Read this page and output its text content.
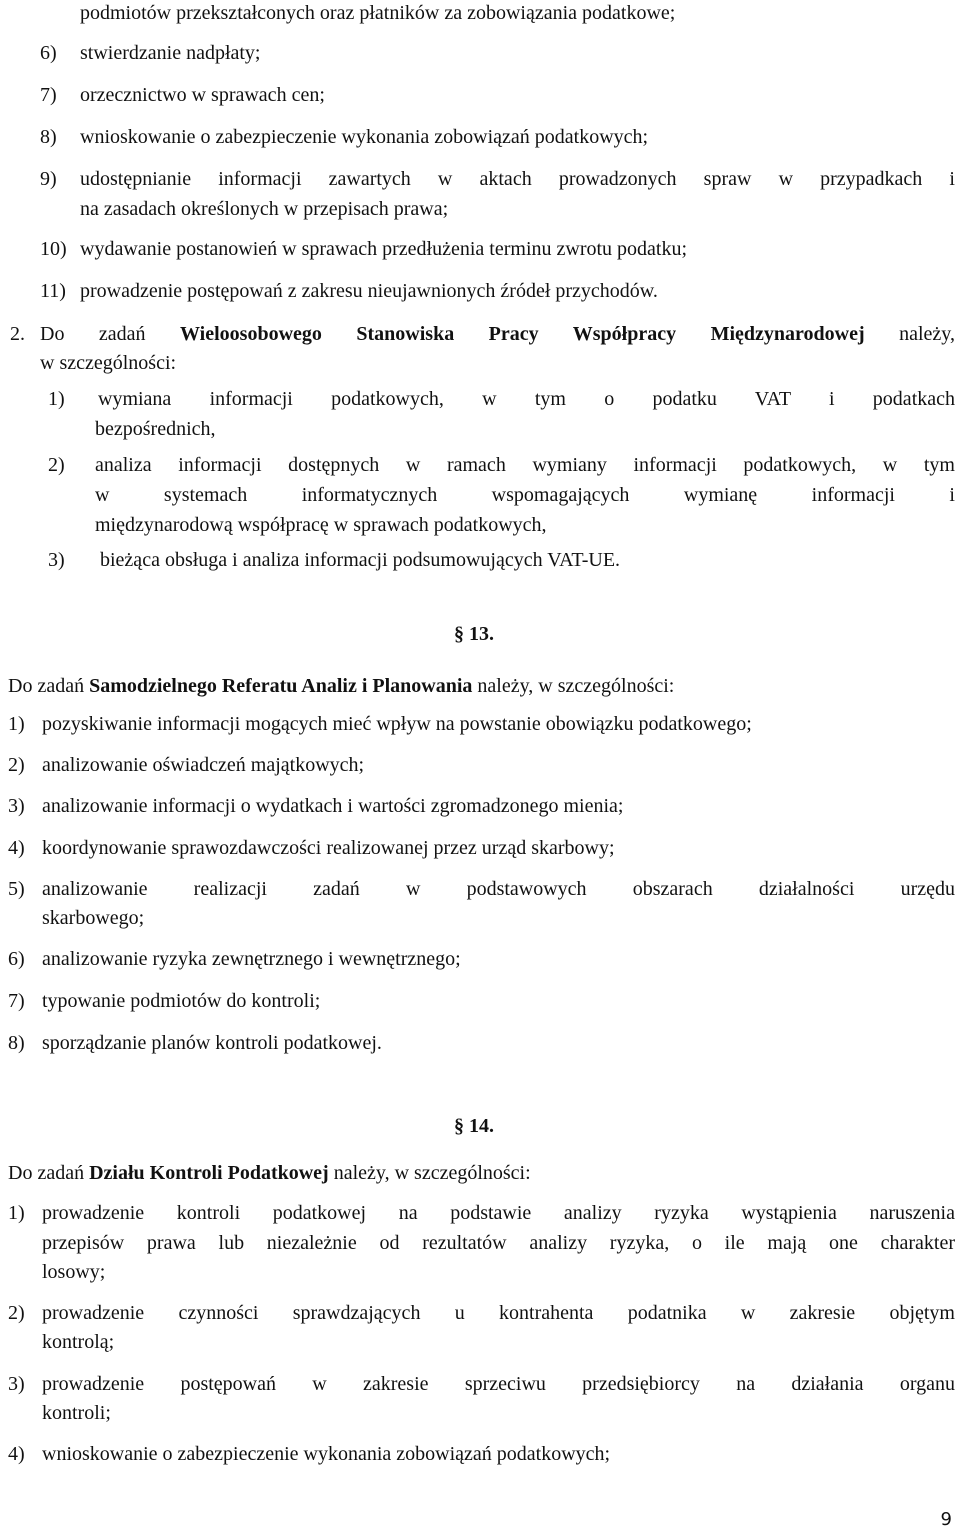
podmiotów przekształconych oraz płatników za zobowiązania podatkowe;
6) stwierdzanie nadpłaty;
7) orzecznictwo w sprawach cen;
8) wnioskowanie o zabezpieczenie wykonania zobowiązań podatkowych;
9) udostępnianie informacji zawartych w aktach prowadzonych spraw w przypadkach i
na zasadach określonych w przepisach prawa;
10) wydawanie postanowień w sprawach przedłużenia terminu zwrotu podatku;
11) prowadzenie postępowań z zakresu nieujawnionych źródeł przychodów.
2. Do zadań Wieloosobowego Stanowiska Pracy Współpracy Międzynarodowej należy,
w szczególności:
1) wymiana informacji podatkowych, w tym o podatku VAT i podatkach
bezpośrednich,
2) analiza informacji dostępnych w ramach wymiany informacji podatkowych, w tym
w systemach informatycznych wspomagających wymianę informacji i
międzynarodową współpracę w sprawach podatkowych,
3) bieżąca obsługa i analiza informacji podsumowujących VAT-UE.
§ 13.
Do zadań Samodzielnego Referatu Analiz i Planowania należy, w szczególności:
1) pozyskiwanie informacji mogących mieć wpływ na powstanie obowiązku podatkowego;
2) analizowanie oświadczeń majątkowych;
3) analizowanie informacji o wydatkach i wartości zgromadzonego mienia;
4) koordynowanie sprawozdawczości realizowanej przez urząd skarbowy;
5) analizowanie realizacji zadań w podstawowych obszarach działalności urzędu
skarbowego;
6) analizowanie ryzyka zewnętrznego i wewnętrznego;
7) typowanie podmiotów do kontroli;
8) sporządzanie planów kontroli podatkowej.
§ 14.
Do zadań Działu Kontroli Podatkowej należy, w szczególności:
1) prowadzenie kontroli podatkowej na podstawie analizy ryzyka wystąpienia naruszenia
przepisów prawa lub niezależnie od rezultatów analizy ryzyka, o ile mają one charakter
losowy;
2) prowadzenie czynności sprawdzających u kontrahenta podatnika w zakresie objętym
kontrolą;
3) prowadzenie postępowań w zakresie sprzeciwu przedsiębiorcy na działania organu
kontroli;
4) wnioskowanie o zabezpieczenie wykonania zobowiązań podatkowych;
9
